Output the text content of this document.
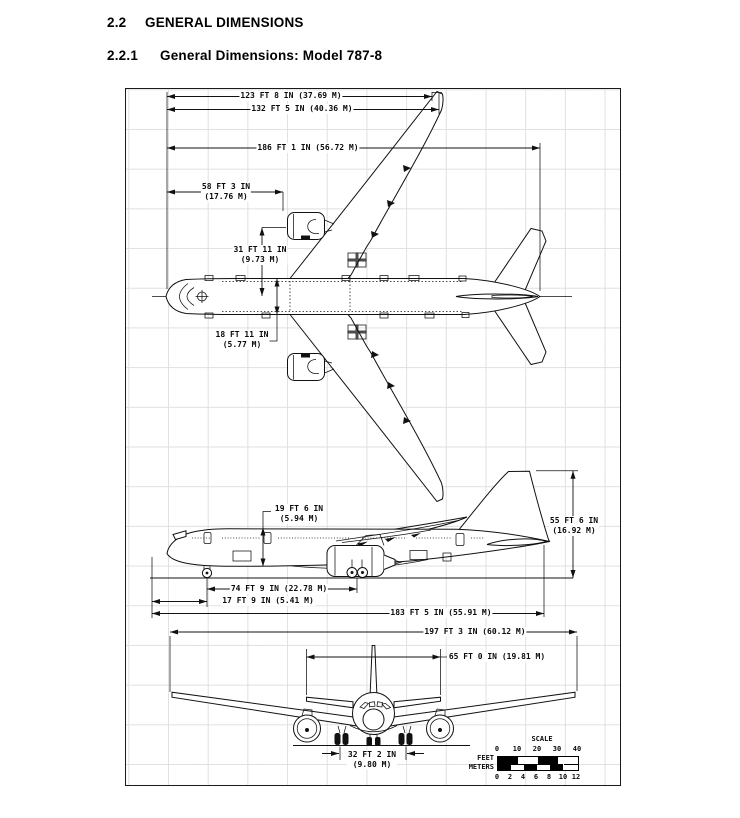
2.2 GENERAL DIMENSIONS
2.2.1 General Dimensions: Model 787-8
123 FT 8 IN (37.69 M)
132 FT 5 IN (40.36 M)
186 FT 1 IN (56.72 M)
58 FT 3 IN
(17.76 M)
31 FT 11 IN
(9.73 M)
18 FT 11 IN
(5.77 M)
19 FT 6 IN
(5.94 M)	55 FT 6 IN
(16.92 M)
74 FT 9 IN (22.78 M)
17 FT 9 IN (5.41 M)
183 FT 5 IN (55.91 M)
197 FT 3 IN (60.12 M)
65 FT 0 IN (19.81 M)
32 FT 2 IN
(9.80 M)
SCALE
0 10 20 30 40
FEET
METERS
0 2 4 6 8 10 12
